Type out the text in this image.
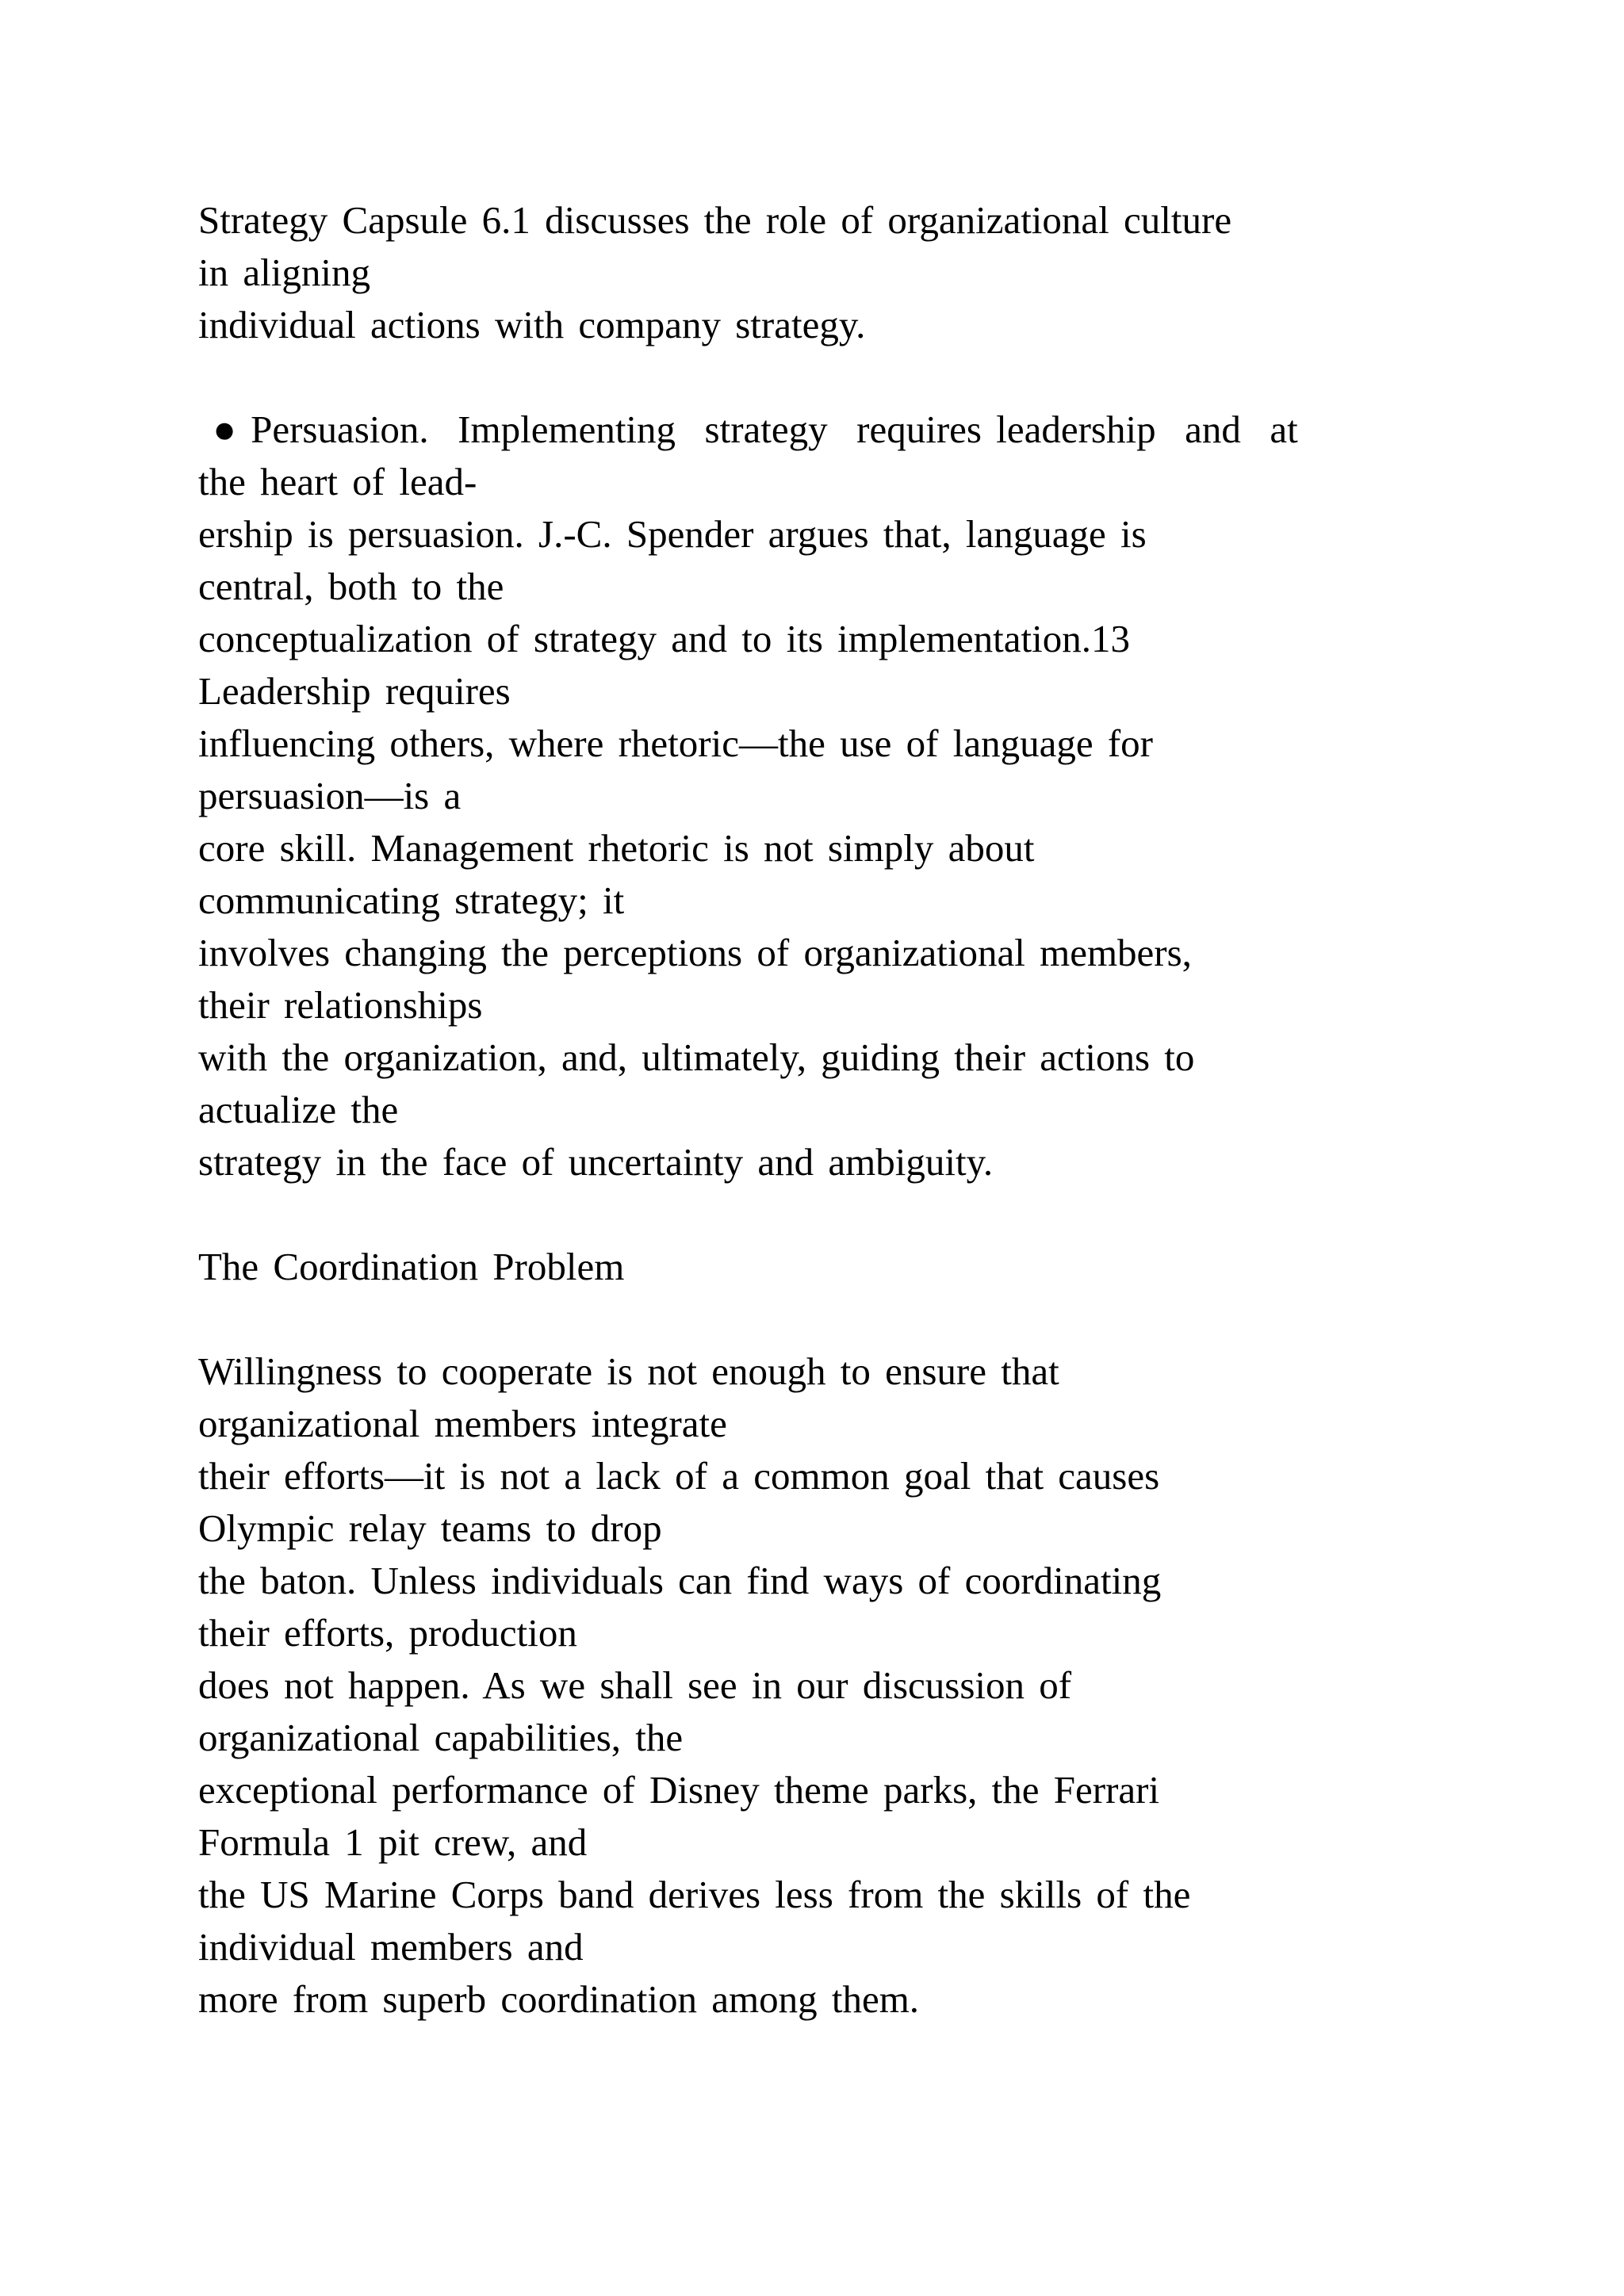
Strategy Capsule 6.1 discusses the role of organizational culture
in aligning
individual actions with company strategy.
● Persuasion.  Implementing  strategy  requires leadership  and  at
the heart of lead-
ership is persuasion. J.-C. Spender argues that, language is
central, both to the
conceptualization of strategy and to its implementation.13
Leadership requires
influencing others, where rhetoric—the use of language for
persuasion—is a
core skill. Management rhetoric is not simply about
communicating strategy; it
involves changing the perceptions of organizational members,
their relationships
with the organization, and, ultimately, guiding their actions to
actualize the
strategy in the face of uncertainty and ambiguity.
The Coordination Problem
Willingness to cooperate is not enough to ensure that
organizational members integrate
their efforts—it is not a lack of a common goal that causes
Olympic relay teams to drop
the baton. Unless individuals can find ways of coordinating
their efforts, production
does not happen. As we shall see in our discussion of
organizational capabilities, the
exceptional performance of Disney theme parks, the Ferrari
Formula 1 pit crew, and
the US Marine Corps band derives less from the skills of the
individual members and
more from superb coordination among them.
